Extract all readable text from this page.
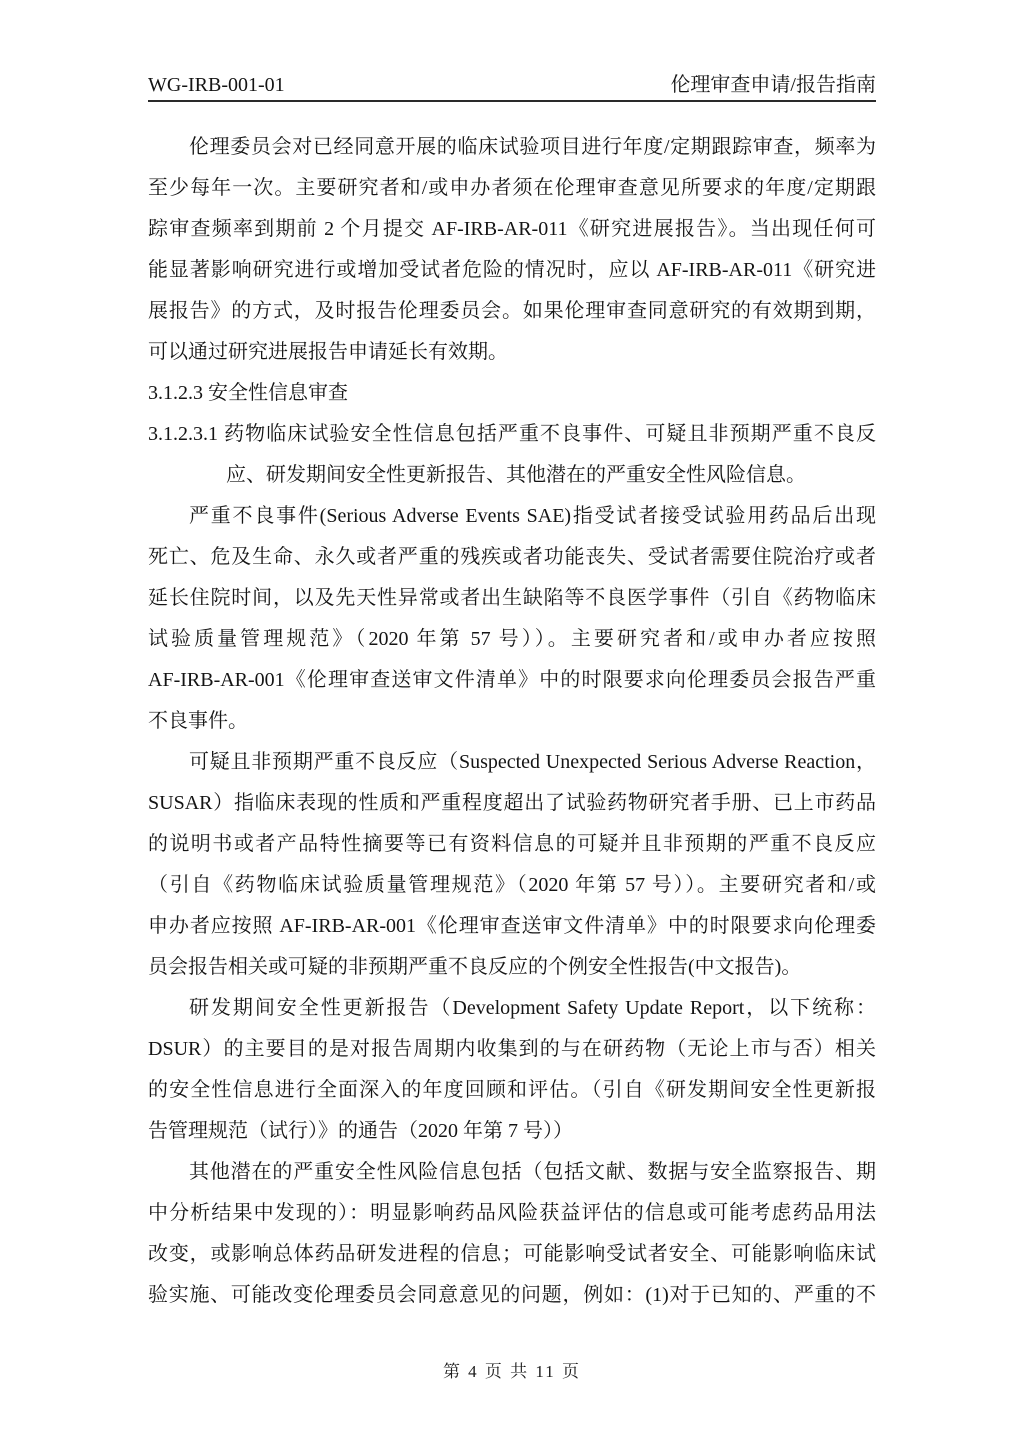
WG-IRB-001-01	伦理审查申请/报告指南
伦理委员会对已经同意开展的临床试验项目进行年度/定期跟踪审查，频率为
至少每年一次。主要研究者和/或申办者须在伦理审查意见所要求的年度/定期跟
踪审查频率到期前 2 个月提交 AF-IRB-AR-011《研究进展报告》。当出现任何可
能显著影响研究进行或增加受试者危险的情况时，应以 AF-IRB-AR-011《研究进
展报告》的方式，及时报告伦理委员会。如果伦理审查同意研究的有效期到期，
可以通过研究进展报告申请延长有效期。
3.1.2.3 安全性信息审查
3.1.2.3.1 药物临床试验安全性信息包括严重不良事件、可疑且非预期严重不良反
应、研发期间安全性更新报告、其他潜在的严重安全性风险信息。
严重不良事件(Serious Adverse Events SAE)指受试者接受试验用药品后出现
死亡、危及生命、永久或者严重的残疾或者功能丧失、受试者需要住院治疗或者
延长住院时间，以及先天性异常或者出生缺陷等不良医学事件（引自《药物临床
试验质量管理规范》（2020 年第 57 号））。主要研究者和/或申办者应按照
AF-IRB-AR-001《伦理审查送审文件清单》中的时限要求向伦理委员会报告严重
不良事件。
可疑且非预期严重不良反应（Suspected Unexpected Serious Adverse Reaction，
SUSAR）指临床表现的性质和严重程度超出了试验药物研究者手册、已上市药品
的说明书或者产品特性摘要等已有资料信息的可疑并且非预期的严重不良反应
（引自《药物临床试验质量管理规范》（2020 年第 57 号））。主要研究者和/或
申办者应按照 AF-IRB-AR-001《伦理审查送审文件清单》中的时限要求向伦理委
员会报告相关或可疑的非预期严重不良反应的个例安全性报告(中文报告)。
研发期间安全性更新报告（Development Safety Update Report，以下统称：
DSUR）的主要目的是对报告周期内收集到的与在研药物（无论上市与否）相关
的安全性信息进行全面深入的年度回顾和评估。（引自《研发期间安全性更新报
告管理规范（试行）》的通告（2020 年第 7 号））
其他潜在的严重安全性风险信息包括（包括文献、数据与安全监察报告、期
中分析结果中发现的）：明显影响药品风险获益评估的信息或可能考虑药品用法
改变，或影响总体药品研发进程的信息；可能影响受试者安全、可能影响临床试
验实施、可能改变伦理委员会同意意见的问题，例如：(1)对于已知的、严重的不
第 4 页 共 11 页
